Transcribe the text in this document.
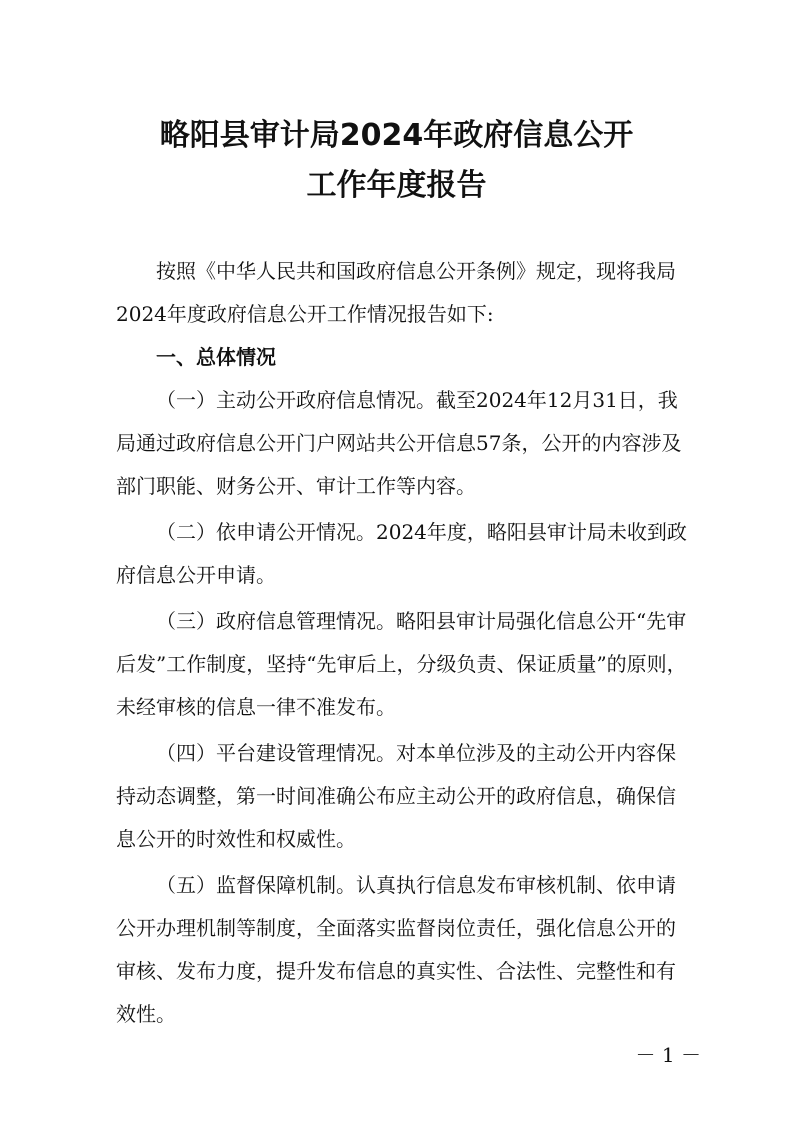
略阳县审计局2024年政府信息公开
工作年度报告

按照《中华人民共和国政府信息公开条例》规定，现将我局
2024年度政府信息公开工作情况报告如下:

一、总体情况

（一）主动公开政府信息情况。截至2024年12月31日，我
局通过政府信息公开门户网站共公开信息57条，公开的内容涉及
部门职能、财务公开、审计工作等内容。

（二）依申请公开情况。2024年度，略阳县审计局未收到政
府信息公开申请。

（三）政府信息管理情况。略阳县审计局强化信息公开“先审
后发”工作制度，坚持“先审后上，分级负责、保证质量”的原则，
未经审核的信息一律不准发布。

（四）平台建设管理情况。对本单位涉及的主动公开内容保
持动态调整，第一时间准确公布应主动公开的政府信息，确保信
息公开的时效性和权威性。

（五）监督保障机制。认真执行信息发布审核机制、依申请
公开办理机制等制度，全面落实监督岗位责任，强化信息公开的
审核、发布力度，提升发布信息的真实性、合法性、完整性和有
效性。

－ 1 －
